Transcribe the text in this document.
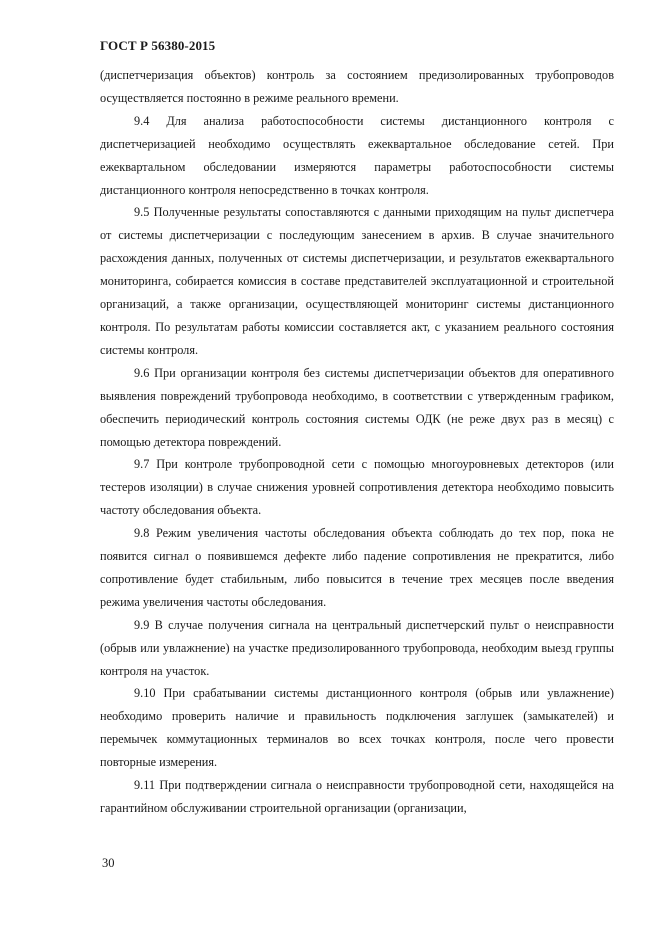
ГОСТ Р 56380-2015

(диспетчеризация объектов) контроль за состоянием предизолированных трубопроводов осуществляется постоянно в режиме реального времени.

9.4 Для анализа работоспособности системы дистанционного контроля с диспетчеризацией необходимо осуществлять ежеквартальное обследование сетей. При ежеквартальном обследовании измеряются параметры работоспособности системы дистанционного контроля непосредственно в точках контроля.

9.5 Полученные результаты сопоставляются с данными приходящим на пульт диспетчера от системы диспетчеризации с последующим занесением в архив. В случае значительного расхождения данных, полученных от системы диспетчеризации, и результатов ежеквартального мониторинга, собирается комиссия в составе представителей эксплуатационной и строительной организаций, а также организации, осуществляющей мониторинг системы дистанционного контроля. По результатам работы комиссии составляется акт, с указанием реального состояния системы контроля.

9.6 При организации контроля без системы диспетчеризации объектов для оперативного выявления повреждений трубопровода необходимо, в соответствии с утвержденным графиком, обеспечить периодический контроль состояния системы ОДК (не реже двух раз в месяц) с помощью детектора повреждений.

9.7 При контроле трубопроводной сети с помощью многоуровневых детекторов (или тестеров изоляции) в случае снижения уровней сопротивления детектора необходимо повысить частоту обследования объекта.

9.8 Режим увеличения частоты обследования объекта соблюдать до тех пор, пока не появится сигнал о появившемся дефекте либо падение сопротивления не прекратится, либо сопротивление будет стабильным, либо повысится в течение трех месяцев после введения режима увеличения частоты обследования.

9.9 В случае получения сигнала на центральный диспетчерский пульт о неисправности (обрыв или увлажнение) на участке предизолированного трубопровода, необходим выезд группы контроля на участок.

9.10 При срабатывании системы дистанционного контроля (обрыв или увлажнение) необходимо проверить наличие и правильность подключения заглушек (замыкателей) и перемычек коммутационных терминалов во всех точках контроля, после чего провести повторные измерения.

9.11 При подтверждении сигнала о неисправности трубопроводной сети, находящейся на гарантийном обслуживании строительной организации (организации,

30
